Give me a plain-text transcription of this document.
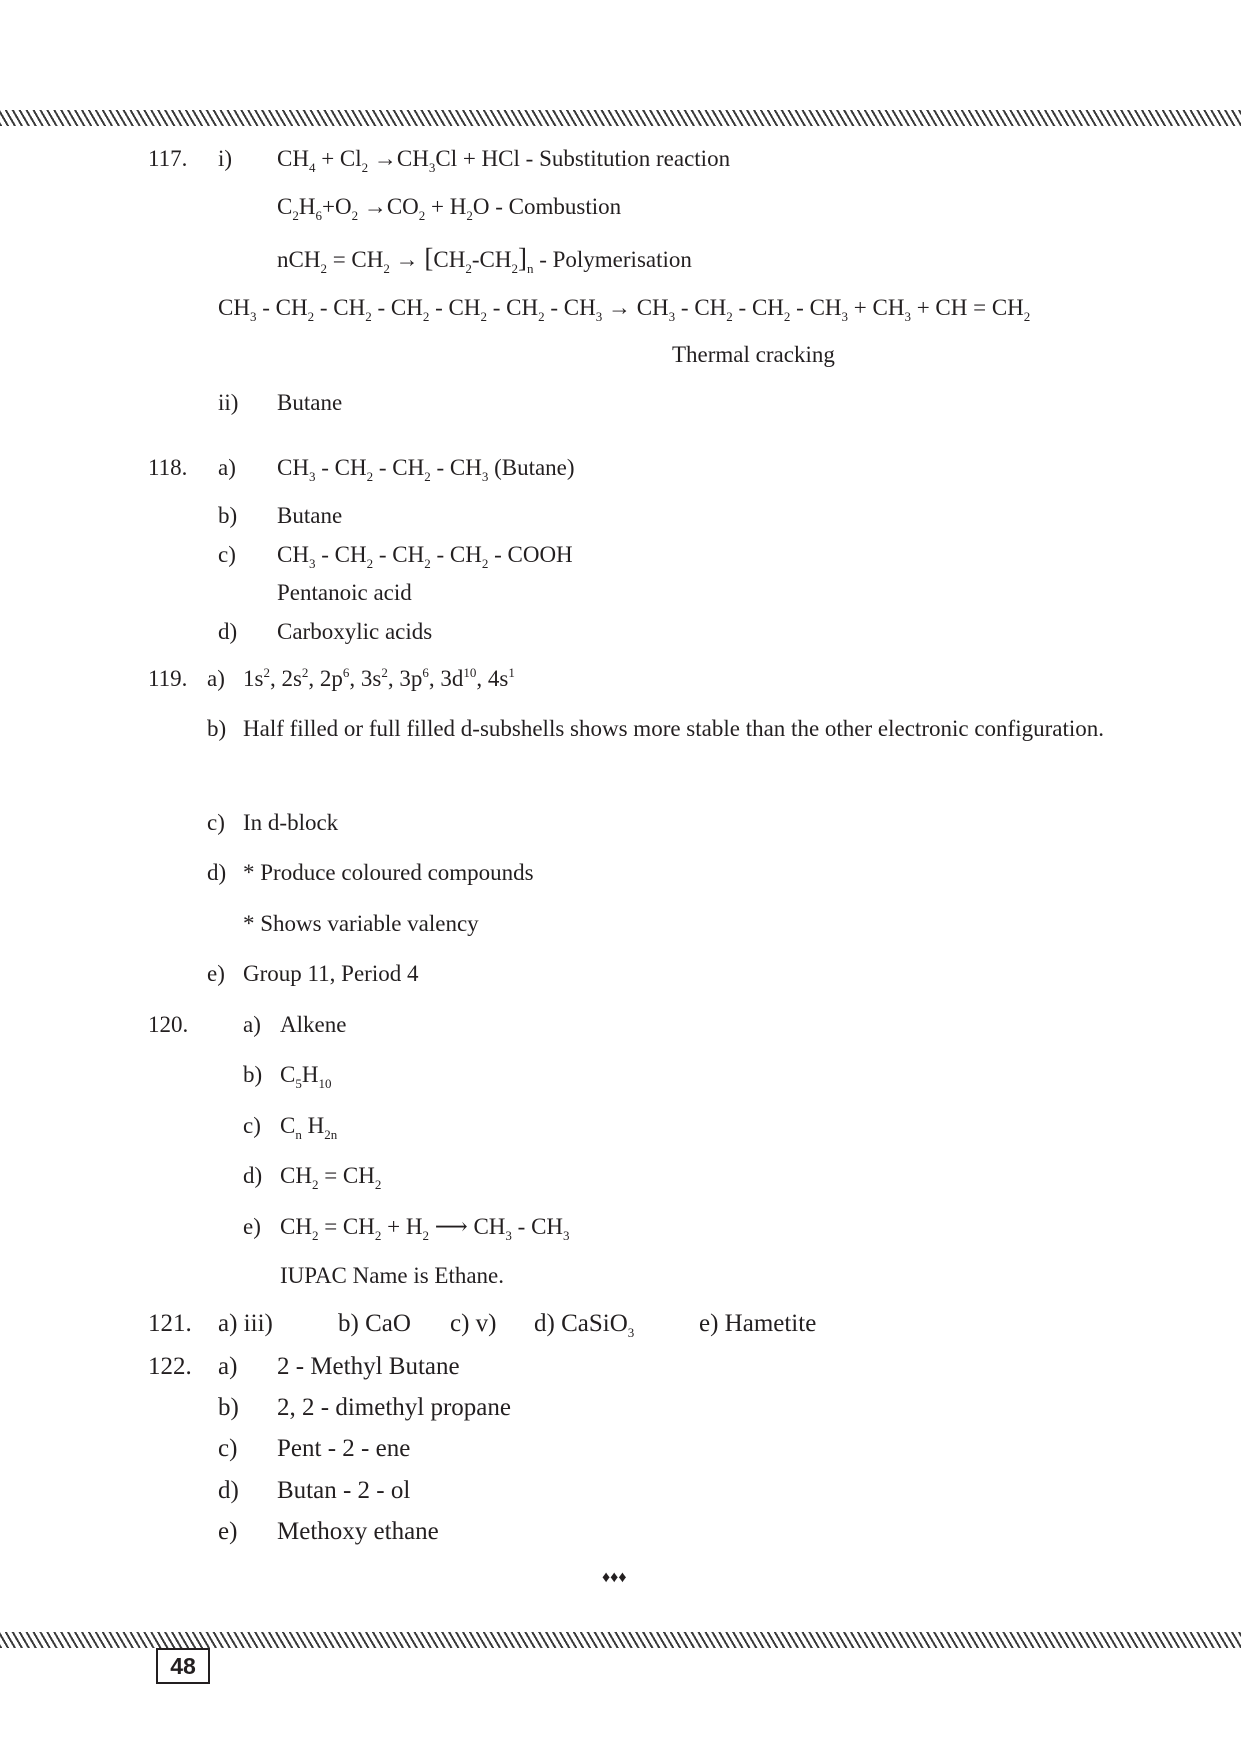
117. i) $CH_4 + Cl_2 \to CH_3Cl$ + HCl - Substitution reaction
$C_2H_6+O_2 \to CO_2 + H_2O$ - Combustion
$nCH_2 = CH_2 \to [CH_2-CH_2]_n$ - Polymerisation
$CH_3 - CH_2 - CH_2 - CH_2 - CH_2 - CH_2 - CH_3 \to CH_3 - CH_2 - CH_2 - CH_3 + CH_3$ + CH = $CH_2$
Thermal cracking
ii) Butane
118. a) $CH_3 - CH_2 - CH_2 - CH_3$ (Butane)
b) Butane
c) $CH_3 - CH_2 - CH_2 - CH_2$ - COOH
Pentanoic acid
d) Carboxylic acids
119. a) $1s^2$, $2s^2$, $2p^6$, $3s^2$, $3p^6$, $3d^{10}$, $4s^1$
b) Half filled or full filled d-subshells shows more stable than the other electronic configuration.
c) In d-block
d) * Produce coloured compounds
* Shows variable valency
e) Group 11, Period 4
120. a) Alkene
b) $C_5H_{10}$
c) $C_n$ $H_{2n}$
d) $CH_2 = CH_2$
e) $CH_2 = CH_2 + H_2$ ⟶ $CH_3 - CH_3$
IUPAC Name is Ethane.
121. a) iii)	b) CaO c) v) d) CaSiO$_3$	e) Hametite
122. a) 2 - Methyl Butane
b) 2, 2 - dimethyl propane
c) Pent - 2 - ene
d) Butan - 2 - ol
e) Methoxy ethane
♦♦♦
48
